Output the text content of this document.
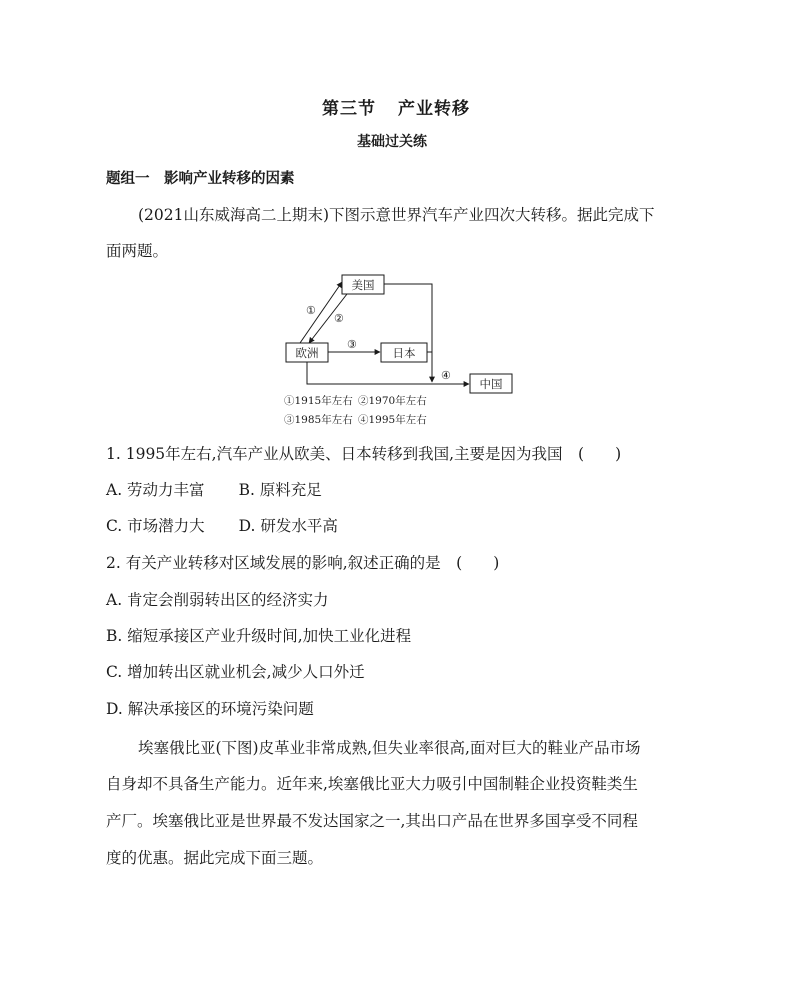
第三节 产业转移
基础过关练
题组一　影响产业转移的因素
(2021山东威海高二上期末)下图示意世界汽车产业四次大转移。据此完成下
面两题。
美国
欧洲	日本
中国
①
②
③
④
①1915年左右 ②1970年左右
③1985年左右 ④1995年左右
1. 1995年左右,汽车产业从欧美、日本转移到我国,主要是因为我国　(　　)
A. 劳动力丰富 B. 原料充足
C. 市场潜力大 D. 研发水平高
2. 有关产业转移对区域发展的影响,叙述正确的是　(　　)
A. 肯定会削弱转出区的经济实力
B. 缩短承接区产业升级时间,加快工业化进程
C. 增加转出区就业机会,减少人口外迁
D. 解决承接区的环境污染问题
埃塞俄比亚(下图)皮革业非常成熟,但失业率很高,面对巨大的鞋业产品市场
自身却不具备生产能力。近年来,埃塞俄比亚大力吸引中国制鞋企业投资鞋类生
产厂。埃塞俄比亚是世界最不发达国家之一,其出口产品在世界多国享受不同程
度的优惠。据此完成下面三题。
